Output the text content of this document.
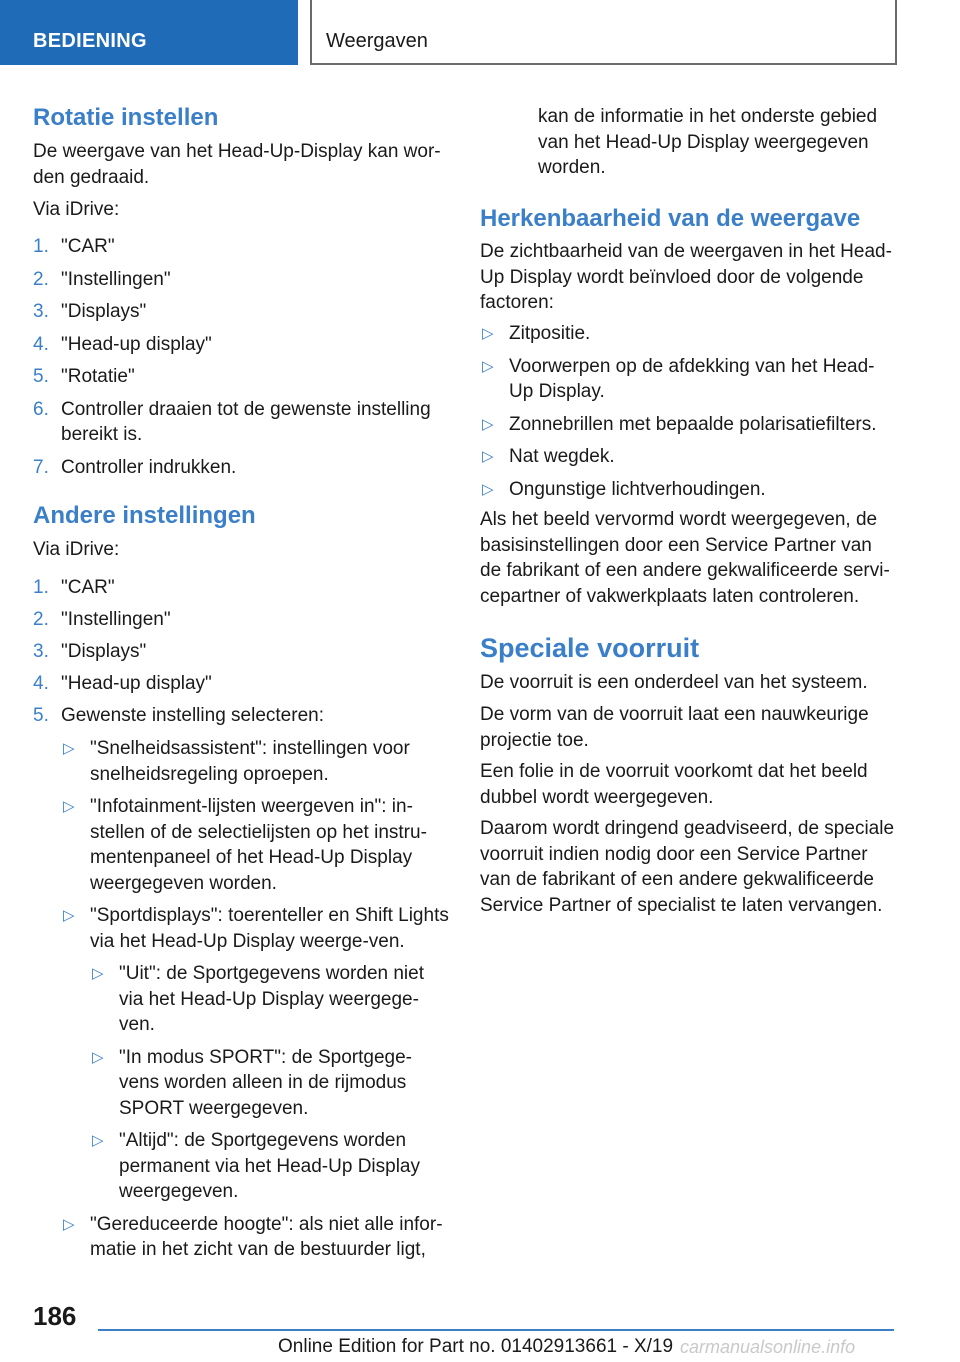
BEDIENING	Weergaven
Rotatie instellen

De weergave van het Head-Up-Display kan wor-den gedraaid.

Via iDrive:

1. "CAR"
2. "Instellingen"
3. "Displays"
4. "Head-up display"
5. "Rotatie"
6. Controller draaien tot de gewenste instelling bereikt is.
7. Controller indrukken.
Andere instellingen

Via iDrive:

1. "CAR"
2. "Instellingen"
3. "Displays"
4. "Head-up display"
5. Gewenste instelling selecteren:
▷ "Snelheidsassistent": instellingen voor snelheidsregeling oproepen.
▷ "Infotainment-lijsten weergeven in": in-stellen of de selectielijsten op het instru-mentenpaneel of het Head-Up Display weergegeven worden.
▷ "Sportdisplays": toerenteller en Shift Lights via het Head-Up Display weerge-ven.
▷ "Uit": de Sportgegevens worden niet via het Head-Up Display weergege-ven.
▷ "In modus SPORT": de Sportgege-vens worden alleen in de rijmodus SPORT weergegeven.
▷ "Altijd": de Sportgegevens worden permanent via het Head-Up Display weergegeven.
▷ "Gereduceerde hoogte": als niet alle infor-matie in het zicht van de bestuurder ligt,

kan de informatie in het onderste gebied van het Head-Up Display weergegeven worden.

Herkenbaarheid van de weergave

De zichtbaarheid van de weergaven in het Head-Up Display wordt beïnvloed door de volgende factoren:

▷ Zitpositie.
▷ Voorwerpen op de afdekking van het Head-Up Display.
▷ Zonnebrillen met bepaalde polarisatiefilters.
▷ Nat wegdek.
▷ Ongunstige lichtverhoudingen.

Als het beeld vervormd wordt weergegeven, de basisinstellingen door een Service Partner van de fabrikant of een andere gekwalificeerde servi-cepartner of vakwerkplaats laten controleren.

Speciale voorruit

De voorruit is een onderdeel van het systeem.

De vorm van de voorruit laat een nauwkeurige projectie toe.

Een folie in de voorruit voorkomt dat het beeld dubbel wordt weergegeven.

Daarom wordt dringend geadviseerd, de speciale voorruit indien nodig door een Service Partner van de fabrikant of een andere gekwalificeerde Service Partner of specialist te laten vervangen.

186
Online Edition for Part no. 01402913661 - X/19 carmanualsonline.info
